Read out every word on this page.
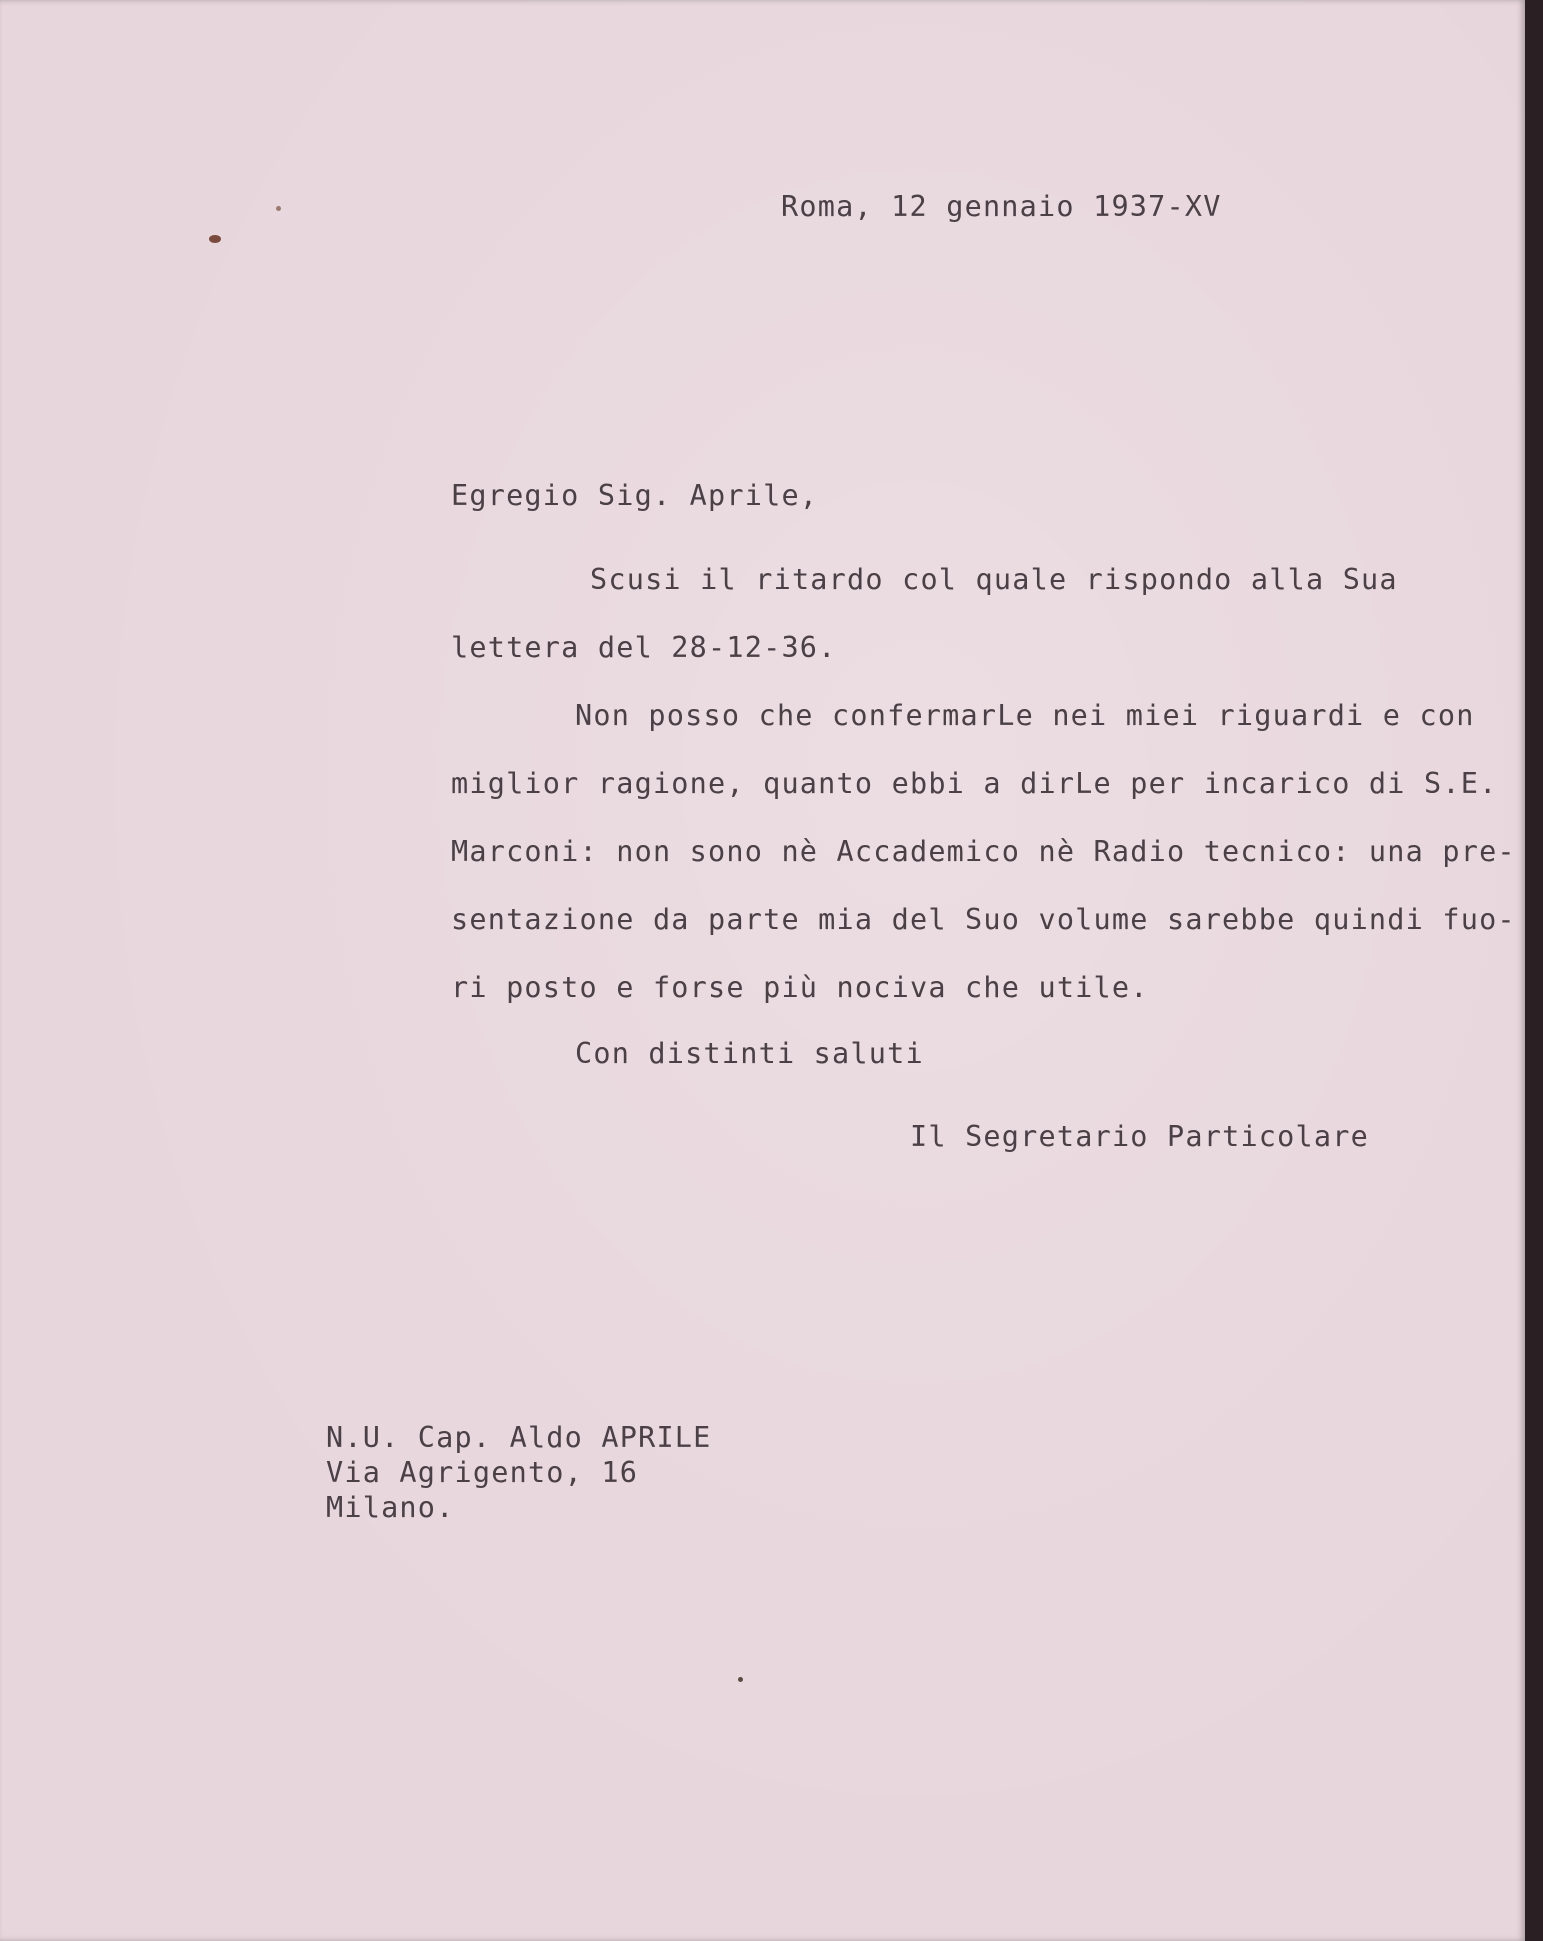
Roma, 12 gennaio 1937-XV
Egregio Sig. Aprile,
Scusi il ritardo col quale rispondo alla Sua
lettera del 28-12-36.
Non posso che confermarLe nei miei riguardi e con
miglior ragione, quanto ebbi a dirLe per incarico di S.E.
Marconi: non sono nè Accademico nè Radio tecnico: una pre-
sentazione da parte mia del Suo volume sarebbe quindi fuo-
ri posto e forse più nociva che utile.
Con distinti saluti
Il Segretario Particolare
N.U. Cap. Aldo APRILE
Via Agrigento, 16
Milano.
